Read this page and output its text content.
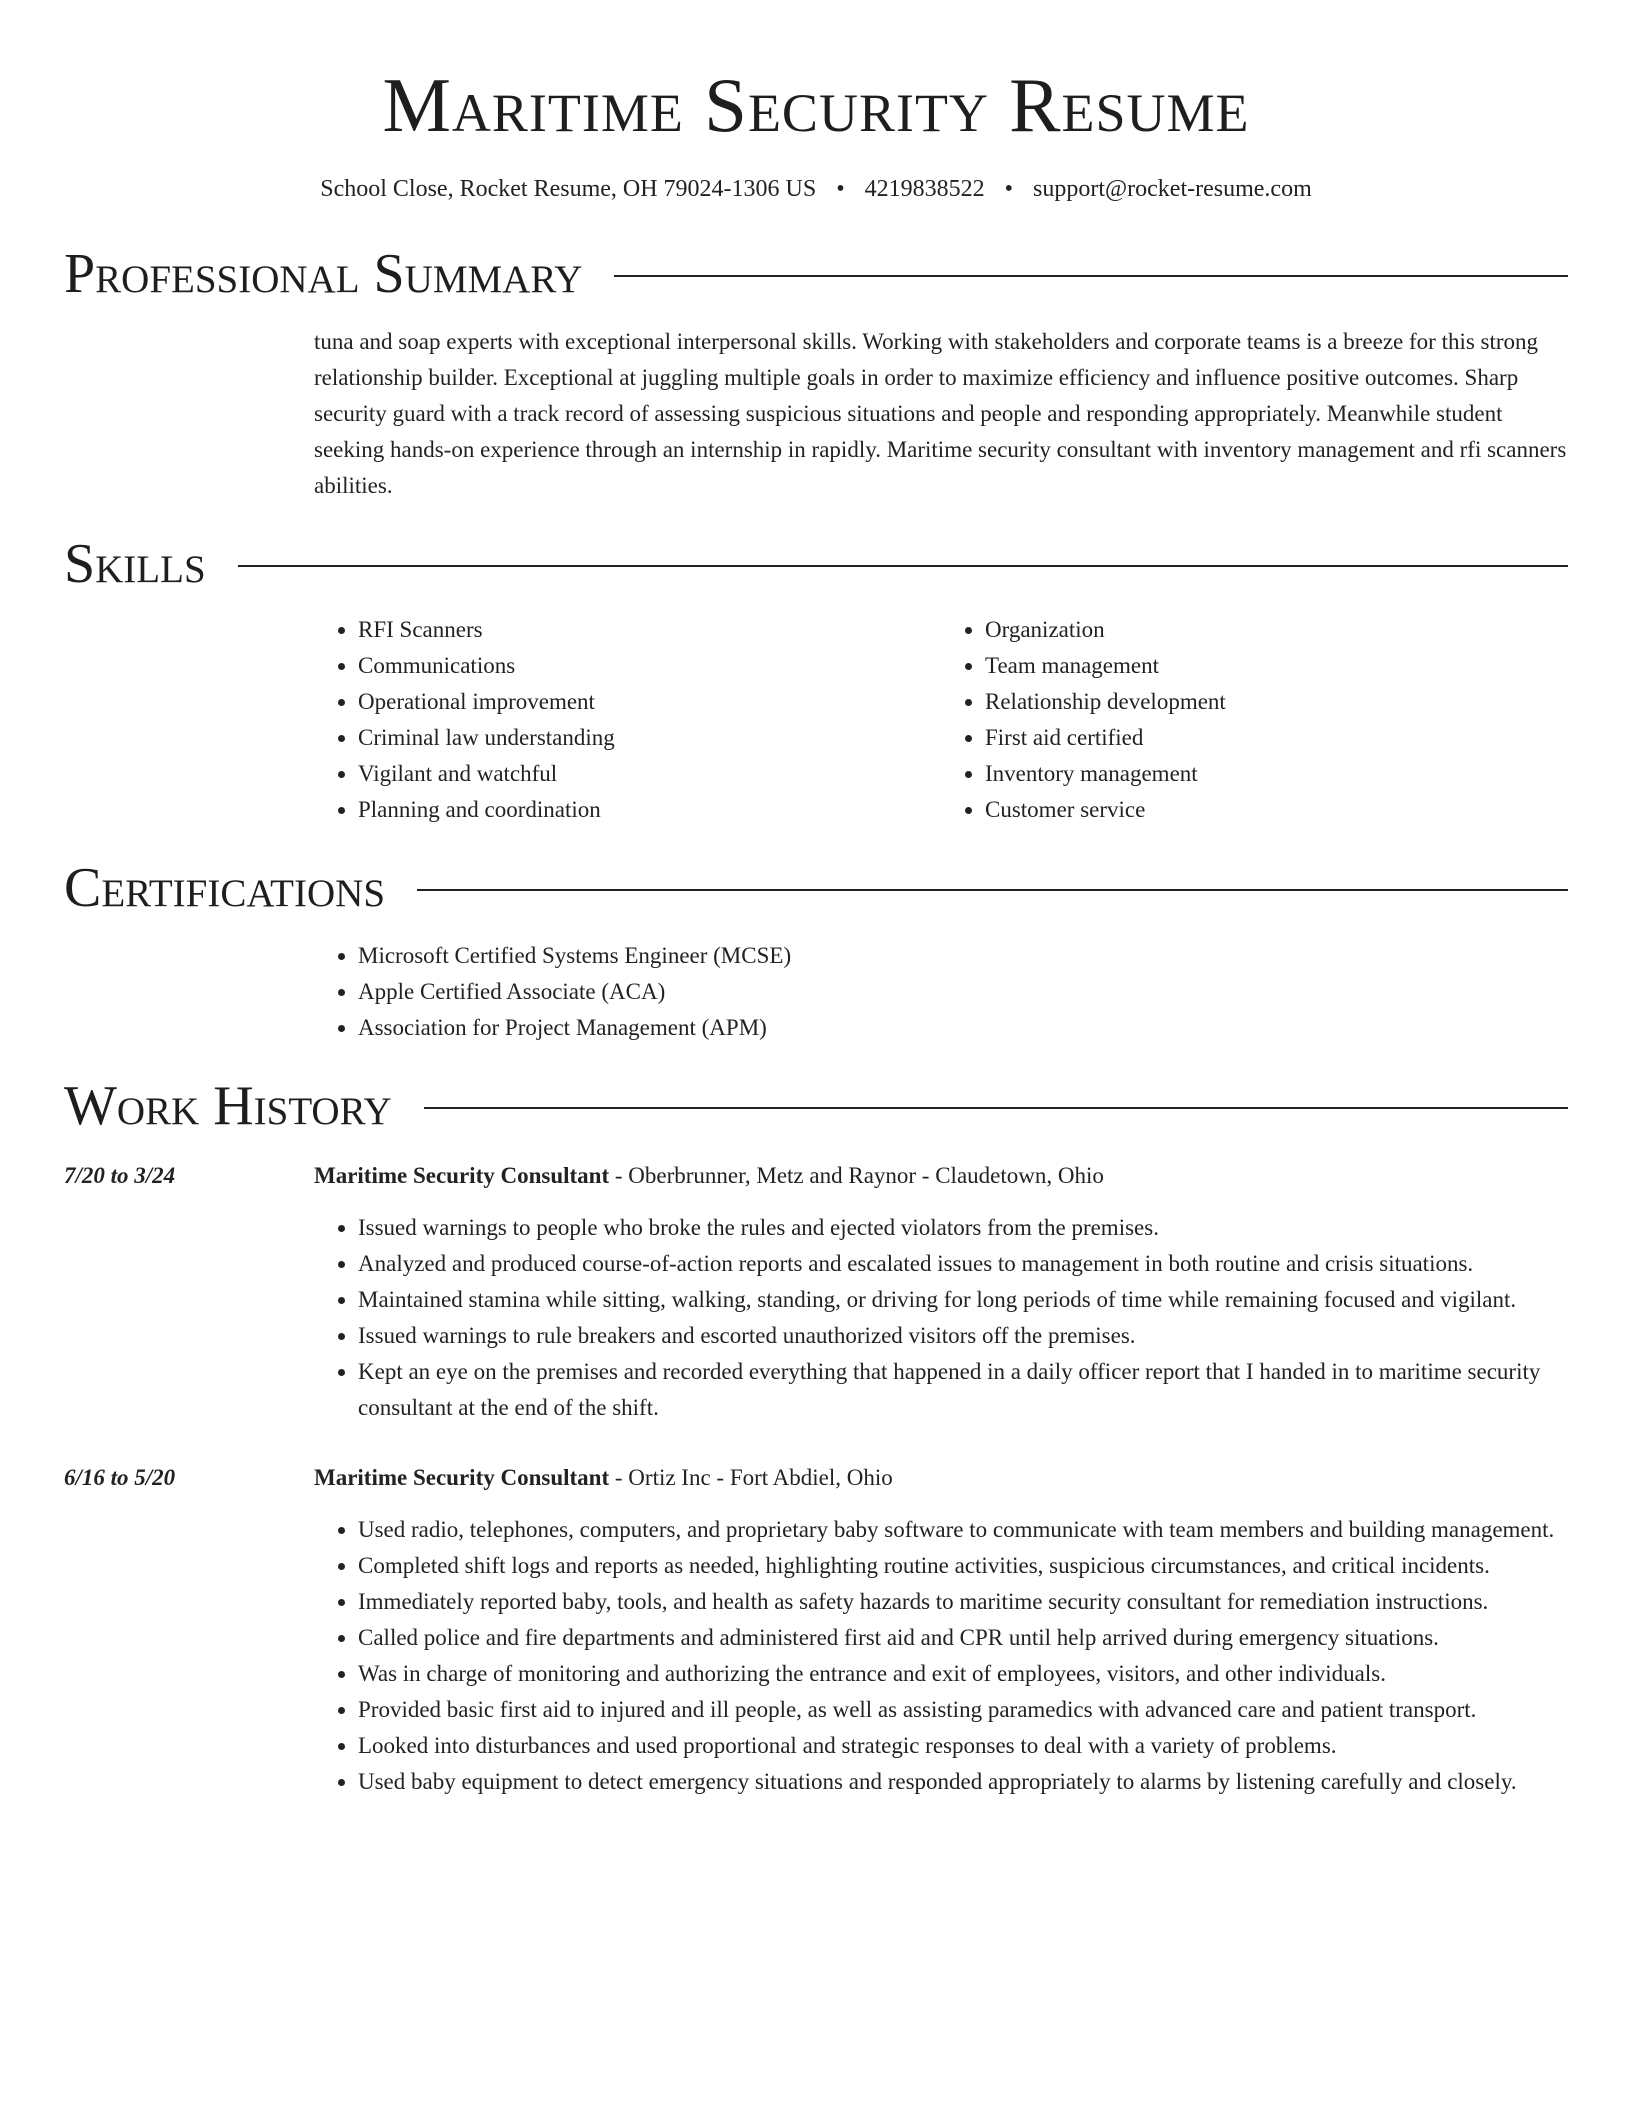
Maritime Security Resume
School Close, Rocket Resume, OH 79024-1306 US • 4219838522 • support@rocket-resume.com
Professional Summary
tuna and soap experts with exceptional interpersonal skills. Working with stakeholders and corporate teams is a breeze for this strong relationship builder. Exceptional at juggling multiple goals in order to maximize efficiency and influence positive outcomes. Sharp security guard with a track record of assessing suspicious situations and people and responding appropriately. Meanwhile student seeking hands-on experience through an internship in rapidly. Maritime security consultant with inventory management and rfi scanners abilities.
Skills
• RFI Scanners
• Communications
• Operational improvement
• Criminal law understanding
• Vigilant and watchful
• Planning and coordination
• Organization
• Team management
• Relationship development
• First aid certified
• Inventory management
• Customer service
Certifications
• Microsoft Certified Systems Engineer (MCSE)
• Apple Certified Associate (ACA)
• Association for Project Management (APM)
Work History
7/20 to 3/24	Maritime Security Consultant - Oberbrunner, Metz and Raynor - Claudetown, Ohio
• Issued warnings to people who broke the rules and ejected violators from the premises.
• Analyzed and produced course-of-action reports and escalated issues to management in both routine and crisis situations.
• Maintained stamina while sitting, walking, standing, or driving for long periods of time while remaining focused and vigilant.
• Issued warnings to rule breakers and escorted unauthorized visitors off the premises.
• Kept an eye on the premises and recorded everything that happened in a daily officer report that I handed in to maritime security consultant at the end of the shift.
6/16 to 5/20	Maritime Security Consultant - Ortiz Inc - Fort Abdiel, Ohio
• Used radio, telephones, computers, and proprietary baby software to communicate with team members and building management.
• Completed shift logs and reports as needed, highlighting routine activities, suspicious circumstances, and critical incidents.
• Immediately reported baby, tools, and health as safety hazards to maritime security consultant for remediation instructions.
• Called police and fire departments and administered first aid and CPR until help arrived during emergency situations.
• Was in charge of monitoring and authorizing the entrance and exit of employees, visitors, and other individuals.
• Provided basic first aid to injured and ill people, as well as assisting paramedics with advanced care and patient transport.
• Looked into disturbances and used proportional and strategic responses to deal with a variety of problems.
• Used baby equipment to detect emergency situations and responded appropriately to alarms by listening carefully and closely.
